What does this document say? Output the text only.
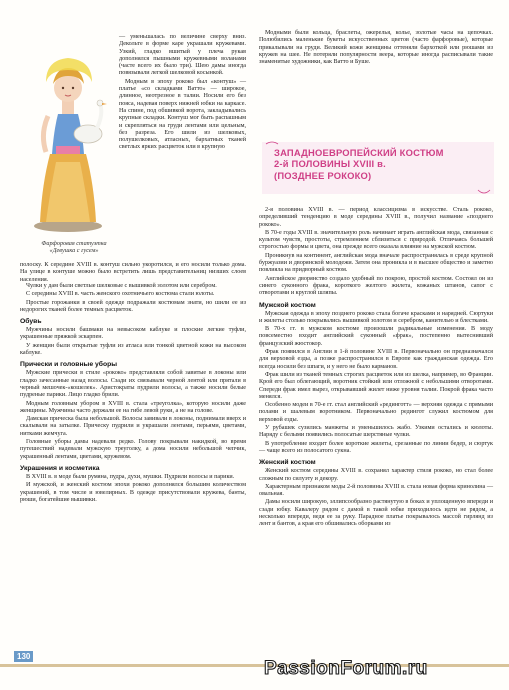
Фарфоровая статуэтка
«Девушка с гусем»

— уменьшалась по величине сверху вниз. Декольте в форме каре украшали кружевами. Узкий, гладко вшитый у плеча рукав дополнялся пышными кружевными воланами (часте всего их было три). Шею дамы иногда повязывали легкой шелковой косынкой.

Модным в эпоху рококо был «контуш» — платье «со складками Ватто» — широкое, длинное, неотрезное в талии. Носили его без пояса, надевая поверх нижней юбки на каркасе. На спине, под обшивкой ворота, закладывались крупные складки. Контуш мог быть распашным и скрепляться на груди лентами или цельным, без разреза. Его шили из шелковых, полушелковых, атласных, бархатных тканей светлых ярких расцветок или в крупную

полоску. К середине XVIII в. контуш сильно укоротился, и его носили только дома. На улице в контуше можно было встретить лишь представительниц низших слоев населения.

Чулки у дам были светлые шелковые с вышивкой золотом или серебром.

С середины XVIII в. часть женского охотничьего костюма стали юлоты.

Простые горожанки в своей одежде подражали костюмам знати, но шили ее из недорогих тканей более темных расцветок.

Обувь

Мужчины носили башмаки на невысоком каблуке и плоские легкие туфли, украшенные пряжкой эскарпен.

У женщин были открытые туфли из атласа или тонкой цветной кожи на высоком каблуке.

Прически и головные уборы

Мужские прически в стиле «рококо» представляли собой завитые в локоны или гладко зачесанные назад волосы. Сзади их связывали черной лентой или прятали в черный мешочек-«кошелек». Аристократы пудрили волосы, а также носили белые пудреные парики. Лицо гладко брили.

Модным головным убором в XVIII в. стала «треуголка», которую носили даже женщины. Мужчины часто держали ее на гибе левой руки, а не на голове.

Дамская прическа была небольшой. Волосы завивали в локоны, поднимали вверх и скалывали на затылке. Прическу пудрили и украшали лентами, перьями, цветами, нитками жемчуга.

Головные уборы дамы надевали редко. Голову покрывали накидкой, во время путешествий надевали мужскую треуголку, а дома носили небольшой чепчик, украшенный лентами, цветами, кружевом.

Украшения и косметика

В XVIII в. в моде были румяна, пудра, духи, мушки. Пудрили волосы и парики.

И мужской, и женский костюм эпохи рококо дополнялся большим количеством украшений, в том числе и ювелирных. В одежде присутствовали кружева, банты, рюши, богатейшие вышивки.

Модными были кольца, браслеты, ожерелья, колье, золотые часы на цепочках. Полюбились маленькие букеты искусственных цветов (часто фарфоровые), которые прикалывали на груди. Великий кожи женщины оттеняли бархоткой или рюшами из кружев на шее. Не потеряли популярности веера, которые иногда расписывали такие знаменитые художники, как Ватто и Буше.

ЗАПАДНОЕВРОПЕЙСКИЙ КОСТЮМ
2-й ПОЛОВИНЫ XVIII в.
(ПОЗДНЕЕ РОКОКО)

2-я половина XVIII в. — период классицизма в искусстве. Сталь рококо, определивший тенденцию в моде середины XVIII в., получил название «позднего рококо».

В 70-е годы XVIII в. значительную роль начинает играть английская мода, связанная с культом чувств, простоты, стремлением сблизиться с природой. Отличаясь большей строгостью формы и цвета, она прежде всего оказала влияние на мужской костюм.

Проникнув на континент, английская мода вначале распространялась в среде крупной буржуазии и дворянской молодежи. Затем она проникла и в высшее общество и заметно повлияла на придворный костюм.

Английское дворянство создало удобный по покрою, простой костюм. Состоял он из синего суконного фрака, короткого желтого жилета, кожаных штанов, сапог с отворотами и круглой шляпы.

Мужской костюм

Мужская одежда в эпоху позднего рококо стала богаче красками и нарядней. Сюртуки и жилеты столько покрывались вышивкой золотом и серебром, канителью и блестками.

В 70-х гг. в мужском костюме произошли радикальные изменения. В моду повсеместно входит английский суконный «фрак», постепенно вытеснивший французский жюстокор.

Фрак появился в Англии в 1-й половине XVIII в. Первоначально он предназначался для верховой езды, а позже распространился в Европе как гражданская одежда. Его всегда носили без шпаги, и у него не было карманов.

Фрак шили из тканей темных строгих расцветок или из шелка, например, во Франции. Крой его был облегающий, воротник стойкий или отложной с небольшими отворотами. Спереди фрак имел вырез, открывавший жилет ниже уровня талии. Покрой фрака часто менялся.

Особенно модеи в 70-е гг. стал английский «рединготт» — верхняя одежда с прямыми полами и шалевым воротником. Первоначально редингот служил костюмом для верховой езды.

У рубашек сузились манжеты и уменьшилось жабо. Узкими остались и кюлоты. Наряду с белыми появились полосатые шерстяные чулки.

В употребление входит более короткие жилеты, срезанные по линии бедер, и сюртук — чаще всего из полосатого сукна.

Женский костюм

Женский костюм середины XVIII в. сохранял характер стиля рококо, но стал более сложным по силуэту и декору.

Характерным признаком моды 2-й половины XVIII в. стала новая форма кринолина — овальная.

Дамы носили широкую, эллипсообразно растянутую в боках и уплощенную впереди и сзади юбку. Кавалеру рядом с дамой в такой юбке приходилось идти не рядом, а несколько впереди, ведя ее за руку. Парадное платье покрывалось массой гирлянд из лент и бантов, а края его обшивались оборками из

130
PassionForum.ru
